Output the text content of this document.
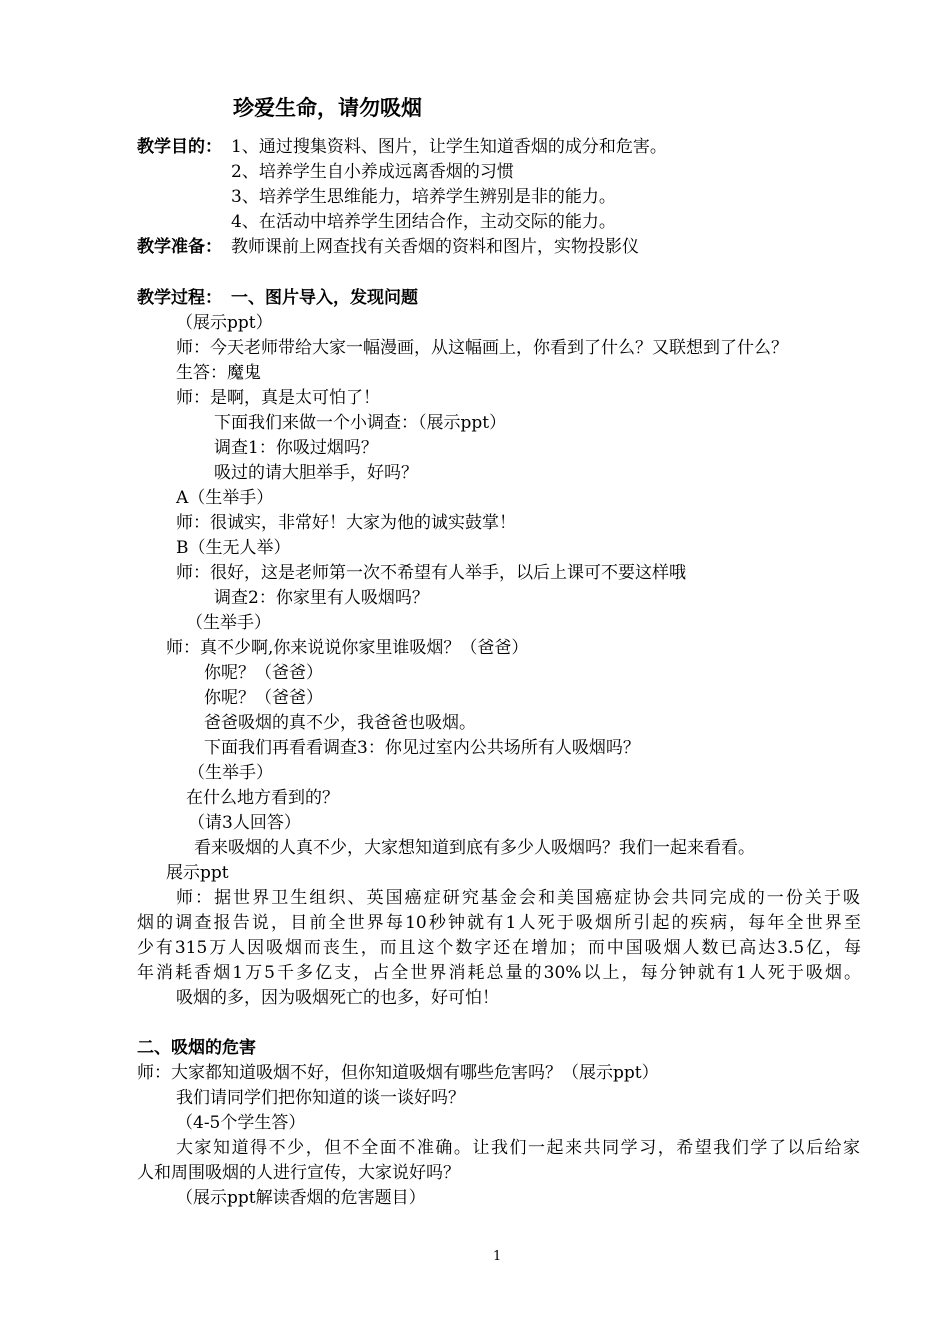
珍爱生命，请勿吸烟
教学目的： 1、通过搜集资料、图片，让学生知道香烟的成分和危害。
2、培养学生自小养成远离香烟的习惯
3、培养学生思维能力，培养学生辨别是非的能力。
4、在活动中培养学生团结合作，主动交际的能力。
教学准备： 教师课前上网查找有关香烟的资料和图片，实物投影仪
教学过程： 一、图片导入，发现问题
（展示ppt）
师：今天老师带给大家一幅漫画，从这幅画上，你看到了什么？又联想到了什么？
生答：魔鬼
师：是啊，真是太可怕了！
下面我们来做一个小调查：（展示ppt）
调查1：你吸过烟吗？
吸过的请大胆举手，好吗？
A（生举手）
师：很诚实，非常好！大家为他的诚实鼓掌！
B（生无人举）
师：很好，这是老师第一次不希望有人举手，以后上课可不要这样哦
调查2：你家里有人吸烟吗？
（生举手）
师：真不少啊,你来说说你家里谁吸烟？（爸爸）
你呢？（爸爸）
你呢？（爸爸）
爸爸吸烟的真不少，我爸爸也吸烟。
下面我们再看看调查3：你见过室内公共场所有人吸烟吗？
（生举手）
在什么地方看到的？
（请3人回答）
看来吸烟的人真不少，大家想知道到底有多少人吸烟吗？我们一起来看看。
展示ppt
师：据世界卫生组织、英国癌症研究基金会和美国癌症协会共同完成的一份关于吸
烟的调查报告说，目前全世界每10秒钟就有1人死于吸烟所引起的疾病，每年全世界至
少有315万人因吸烟而丧生，而且这个数字还在增加；而中国吸烟人数已高达3.5亿，每
年消耗香烟1万5千多亿支，占全世界消耗总量的30%以上，每分钟就有1人死于吸烟。
吸烟的多，因为吸烟死亡的也多，好可怕！
二、吸烟的危害
师：大家都知道吸烟不好，但你知道吸烟有哪些危害吗？（展示ppt）
我们请同学们把你知道的谈一谈好吗？
（4-5个学生答）
大家知道得不少，但不全面不准确。让我们一起来共同学习，希望我们学了以后给家
人和周围吸烟的人进行宣传，大家说好吗？
（展示ppt解读香烟的危害题目）
1
